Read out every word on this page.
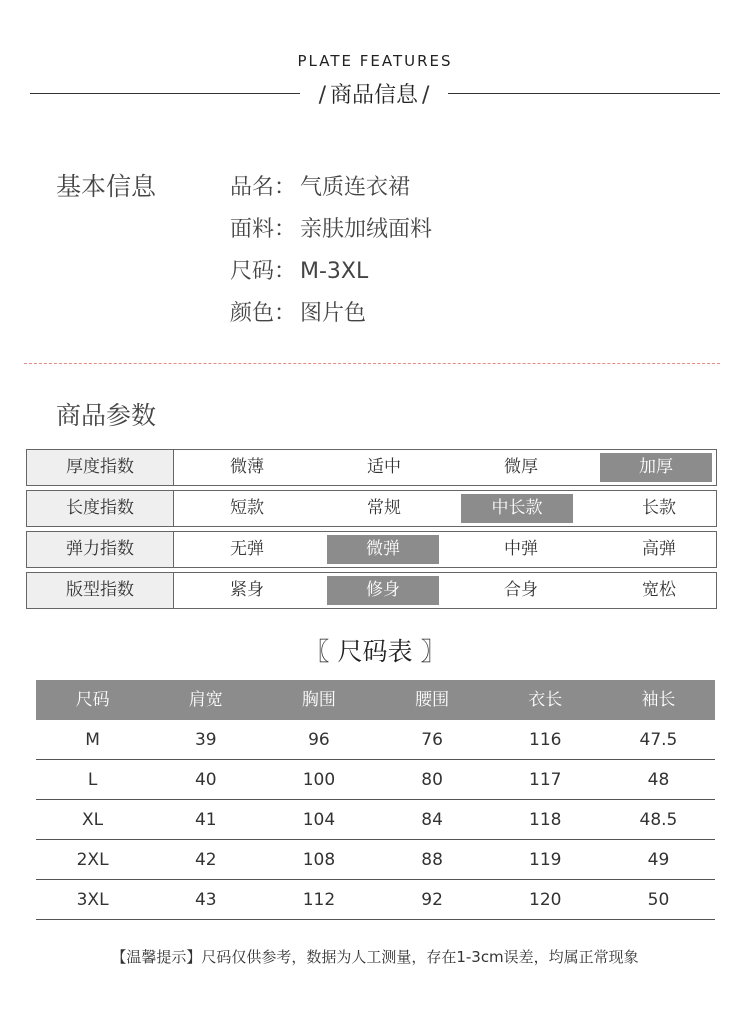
PLATE FEATURES
/ 商品信息 /
基本信息	品名： 气质连衣裙
面料： 亲肤加绒面料
尺码： M-3XL
颜色： 图片色
商品参数
厚度指数	微薄	适中	微厚	加厚
长度指数	短款	常规	中长款	长款
弹力指数	无弹	微弹	中弹	高弹
版型指数	紧身	修身	合身	宽松
〖 尺码表 〗
尺码	肩宽	胸围	腰围	衣长	袖长
M	39	96	76	116	47.5
L	40	100	80	117	48
XL	41	104	84	118	48.5
2XL	42	108	88	119	49
3XL	43	112	92	120	50
【温馨提示】尺码仅供参考，数据为人工测量，存在1-3cm误差，均属正常现象
